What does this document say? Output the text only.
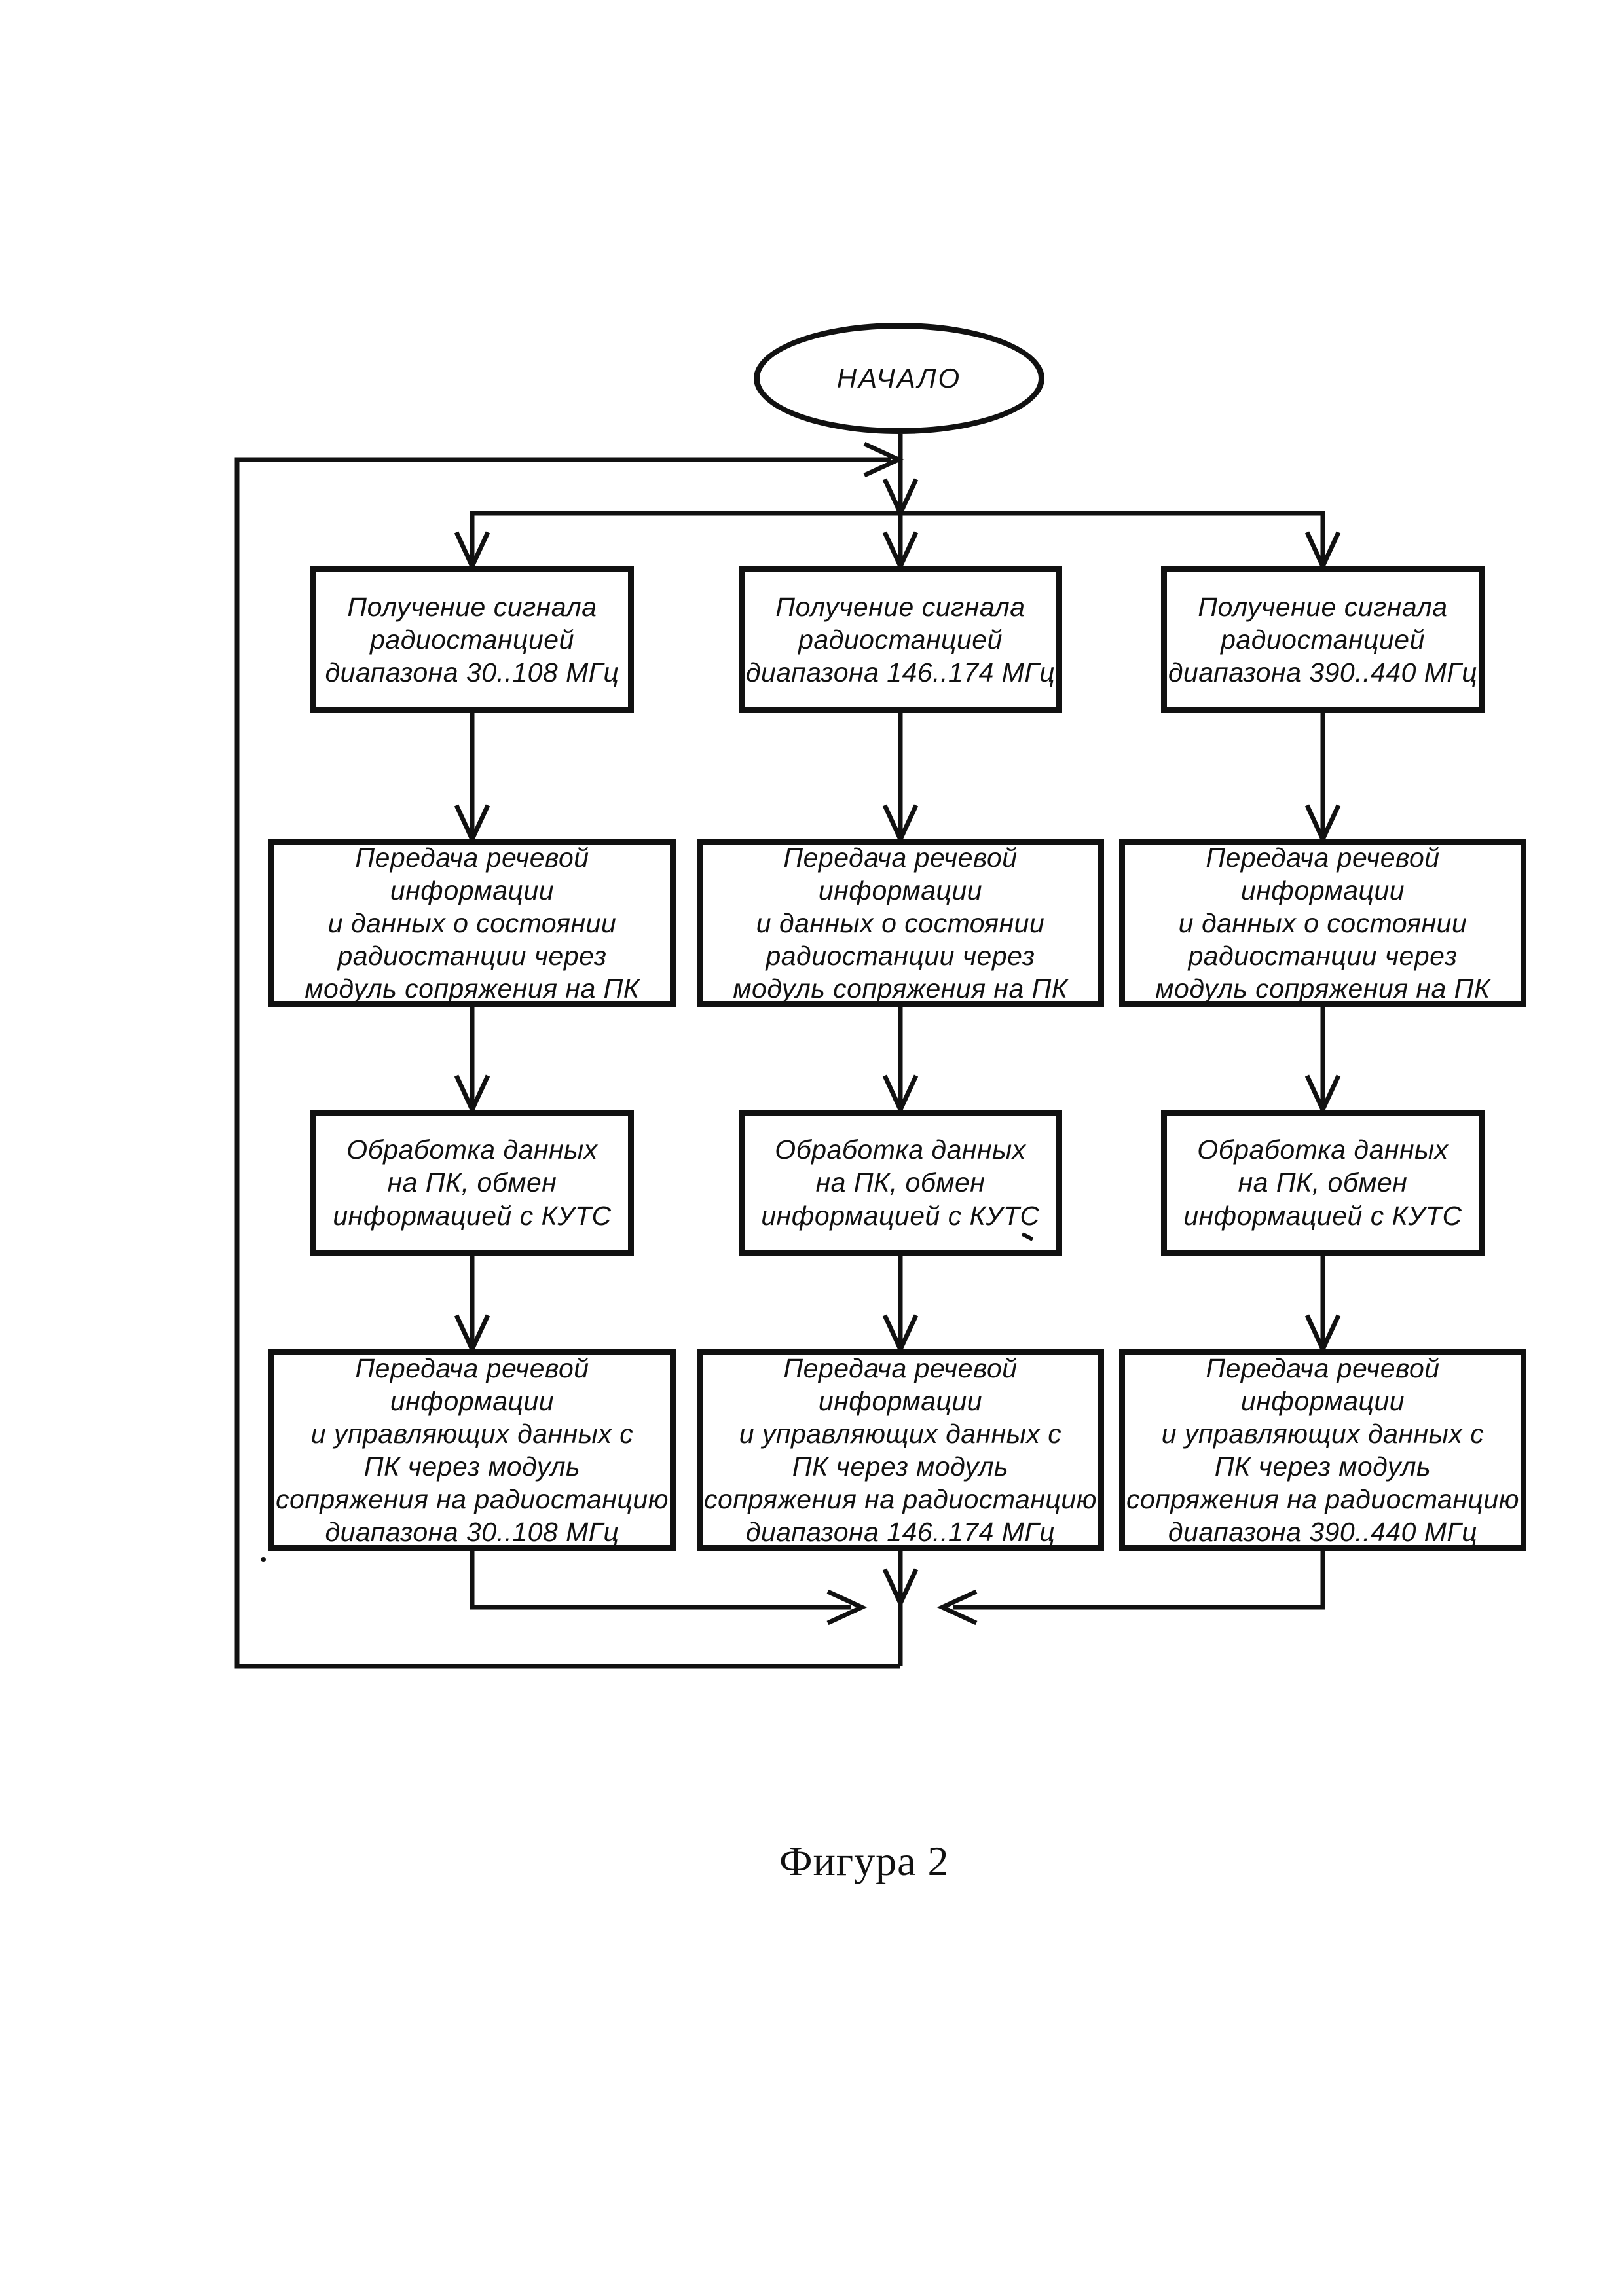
НАЧАЛО
Получение сигнала
радиостанцией
диапазона 30..108 МГц
Получение сигнала
радиостанцией
диапазона 146..174 МГц
Получение сигнала
радиостанцией
диапазона 390..440 МГц
Передача речевой информации
и данных о состоянии
радиостанции через
модуль сопряжения на ПК
Передача речевой информации
и данных о состоянии
радиостанции через
модуль сопряжения на ПК
Передача речевой информации
и данных о состоянии
радиостанции через
модуль сопряжения на ПК
Обработка данных
на ПК, обмен
информацией с КУТС
Обработка данных
на ПК, обмен
информацией с КУТС
Обработка данных
на ПК, обмен
информацией с КУТС
Передача речевой информации
и управляющих данных с
ПК через модуль
сопряжения на радиостанцию
диапазона 30..108 МГц
Передача речевой информации
и управляющих данных с
ПК через модуль
сопряжения на радиостанцию
диапазона 146..174 МГц
Передача речевой информации
и управляющих данных с
ПК через модуль
сопряжения на радиостанцию
диапазона 390..440 МГц
Фигура 2
